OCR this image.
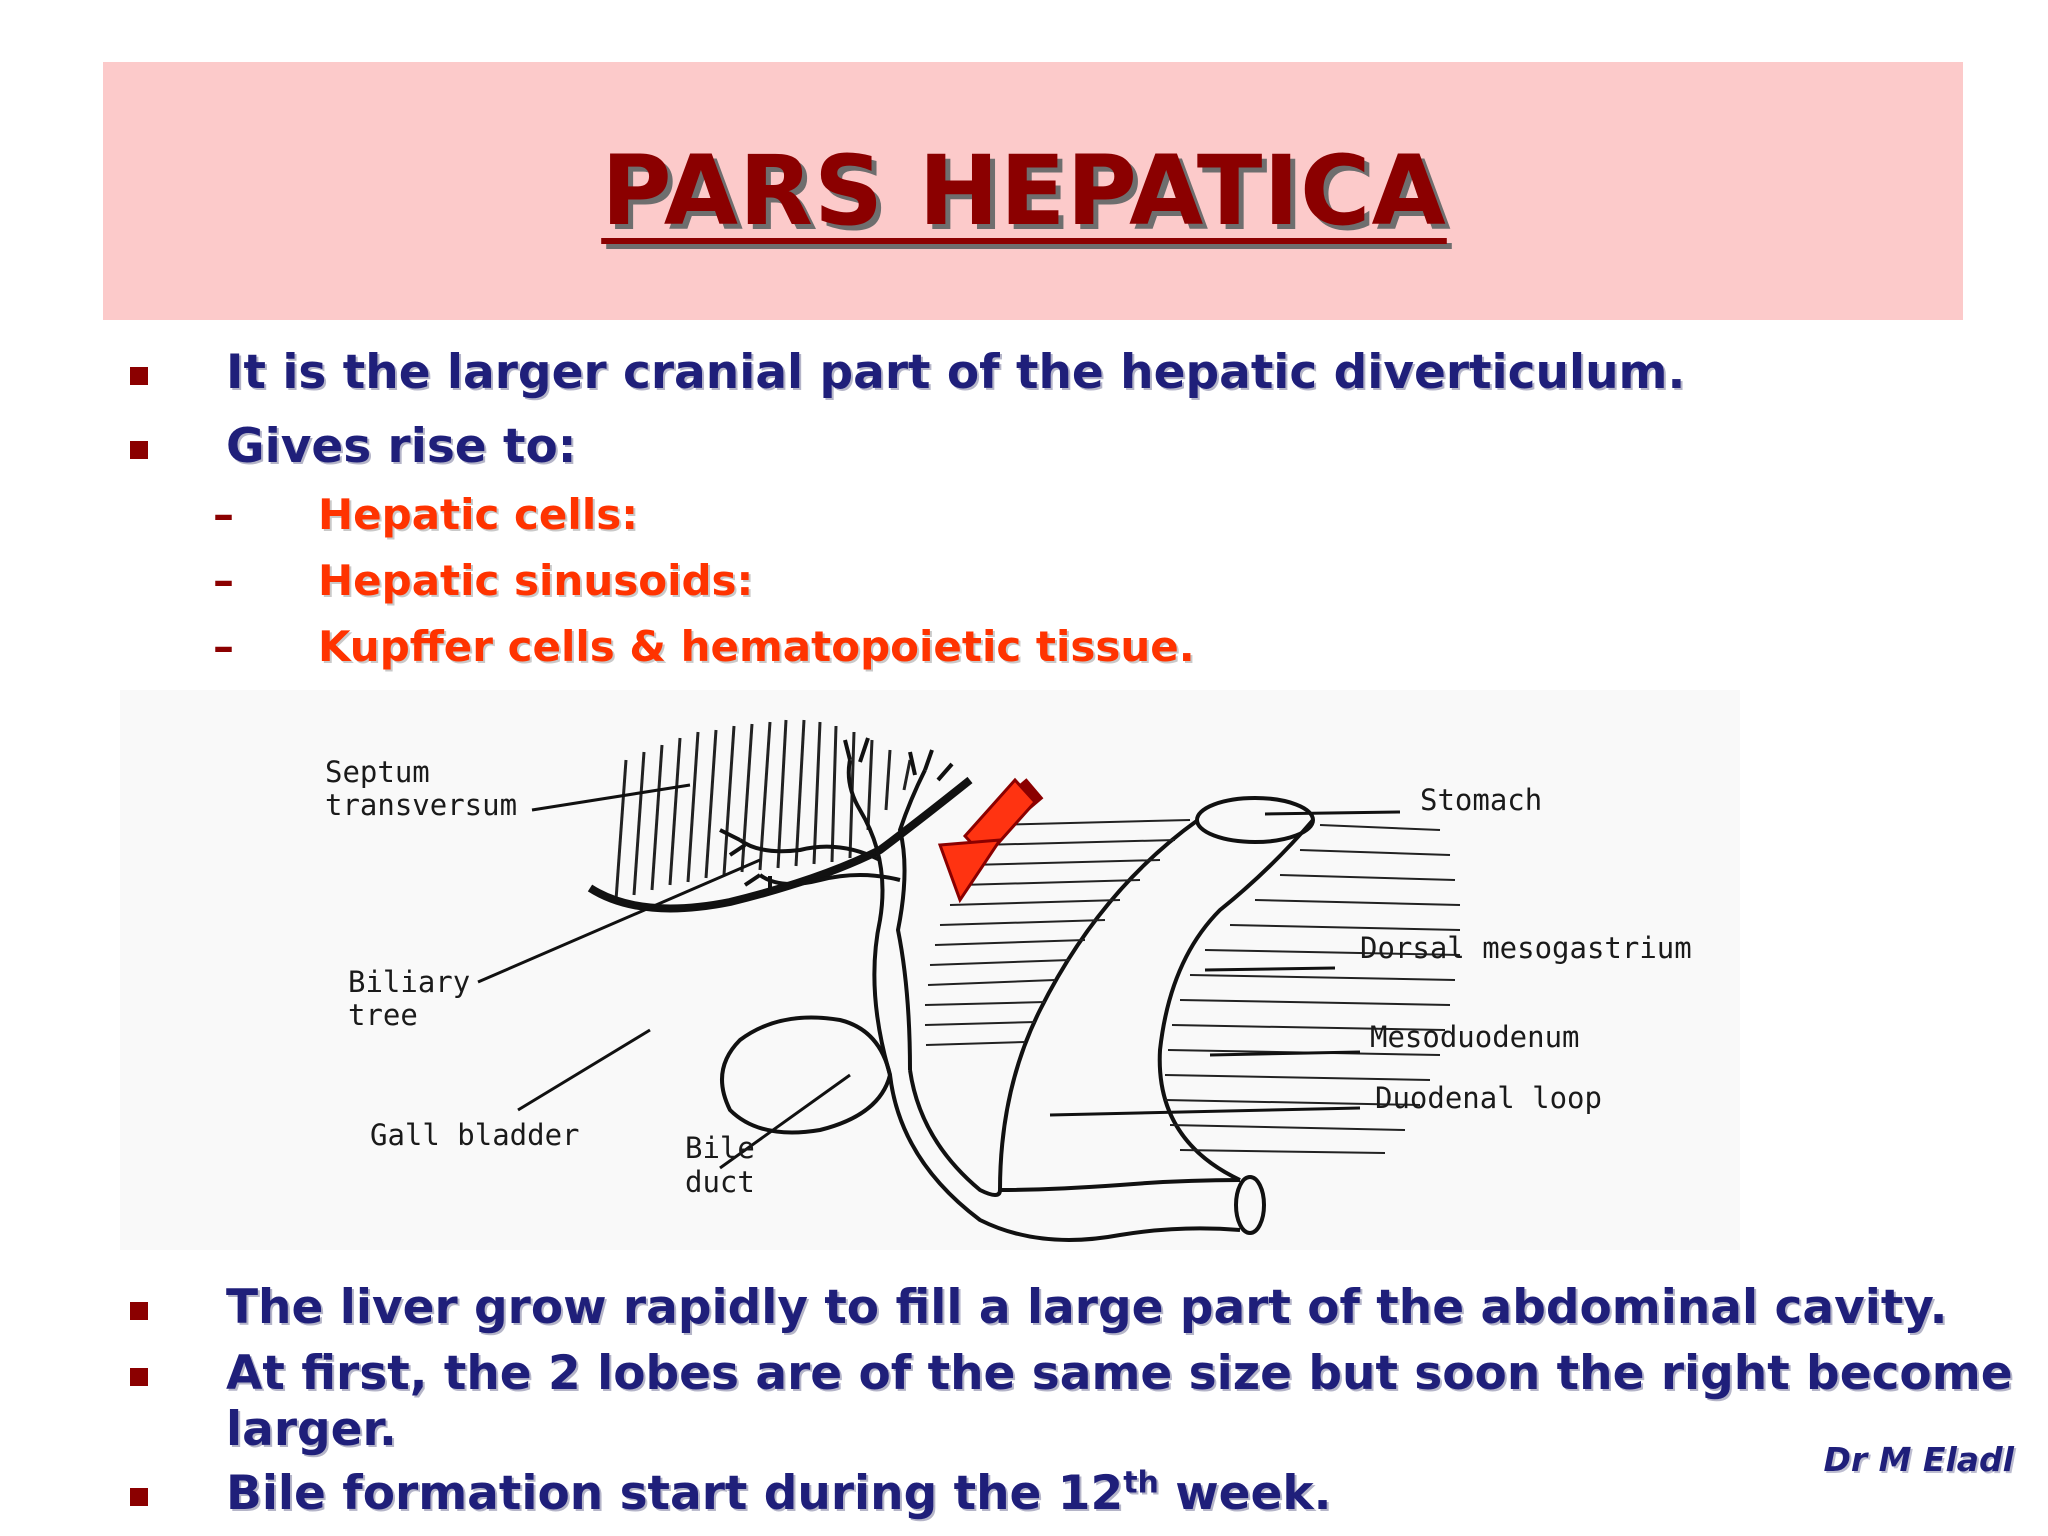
PARS HEPATICA
It is the larger cranial part of the hepatic diverticulum.
Gives rise to:
– Hepatic cells:
– Hepatic sinusoids:
– Kupffer cells & hematopoietic tissue.
Septum
transversum	Stomach
Dorsal mesogastrium
Mesoduodenum
Duodenal loop
Biliary
tree
Gall bladder	Bile
duct
The liver grow rapidly to fill a large part of the abdominal cavity.
At first, the 2 lobes are of the same size but soon the right become
larger.
Bile formation start during the 12th week.
Dr M Eladl
